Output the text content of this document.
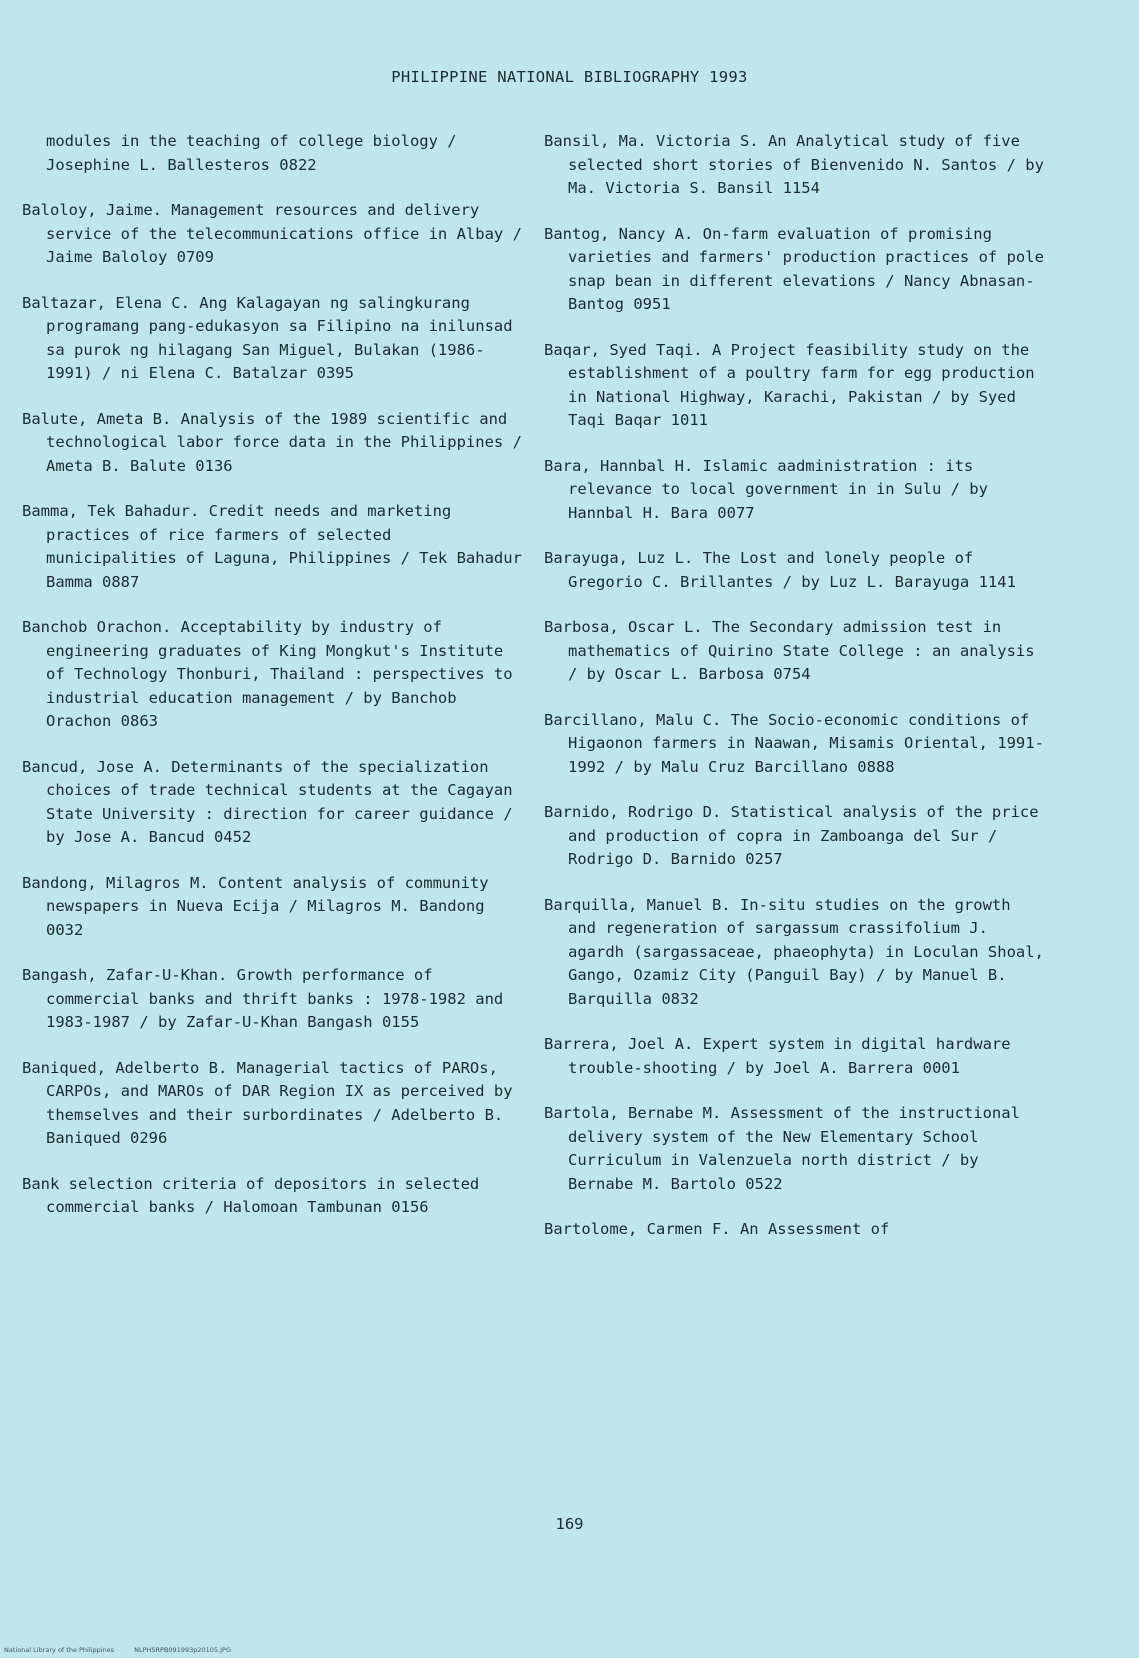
PHILIPPINE NATIONAL BIBLIOGRAPHY 1993

modules in the teaching of college biology / Josephine L. Ballesteros 0822

Baloloy, Jaime. Management resources and delivery service of the telecommunications office in Albay / Jaime Baloloy 0709

Baltazar, Elena C. Ang Kalagayan ng salingkurang programang pang-edukasyon sa Filipino na inilunsad sa purok ng hilagang San Miguel, Bulakan (1986-1991) / ni Elena C. Batalzar 0395

Balute, Ameta B. Analysis of the 1989 scientific and technological labor force data in the Philippines / Ameta B. Balute 0136

Bamma, Tek Bahadur. Credit needs and marketing practices of rice farmers of selected municipalities of Laguna, Philippines / Tek Bahadur Bamma 0887

Banchob Orachon. Acceptability by industry of engineering graduates of King Mongkut's Institute of Technology Thonburi, Thailand : perspectives to industrial education management / by Banchob Orachon 0863

Bancud, Jose A. Determinants of the specialization choices of trade technical students at the Cagayan State University : direction for career guidance / by Jose A. Bancud 0452

Bandong, Milagros M. Content analysis of community newspapers in Nueva Ecija / Milagros M. Bandong 0032

Bangash, Zafar-U-Khan. Growth performance of commercial banks and thrift banks : 1978-1982 and 1983-1987 / by Zafar-U-Khan Bangash 0155

Baniqued, Adelberto B. Managerial tactics of PAROs, CARPOs, and MAROs of DAR Region IX as perceived by themselves and their surbordinates / Adelberto B. Baniqued 0296

Bank selection criteria of depositors in selected commercial banks / Halomoan Tambunan 0156

Bansil, Ma. Victoria S. An Analytical study of five selected short stories of Bienvenido N. Santos / by Ma. Victoria S. Bansil 1154

Bantog, Nancy A. On-farm evaluation of promising varieties and farmers' production practices of pole snap bean in different elevations / Nancy Abnasan-Bantog 0951

Baqar, Syed Taqi. A Project feasibility study on the establishment of a poultry farm for egg production in National Highway, Karachi, Pakistan / by Syed Taqi Baqar 1011

Bara, Hannbal H. Islamic aadministration : its relevance to local government in in Sulu / by Hannbal H. Bara 0077

Barayuga, Luz L. The Lost and lonely people of Gregorio C. Brillantes / by Luz L. Barayuga 1141

Barbosa, Oscar L. The Secondary admission test in mathematics of Quirino State College : an analysis / by Oscar L. Barbosa 0754

Barcillano, Malu C. The Socio-economic conditions of Higaonon farmers in Naawan, Misamis Oriental, 1991-1992 / by Malu Cruz Barcillano 0888

Barnido, Rodrigo D. Statistical analysis of the price and production of copra in Zamboanga del Sur / Rodrigo D. Barnido 0257

Barquilla, Manuel B. In-situ studies on the growth and regeneration of sargassum crassifolium J. agardh (sargassaceae, phaeophyta) in Loculan Shoal, Gango, Ozamiz City (Panguil Bay) / by Manuel B. Barquilla 0832

Barrera, Joel A. Expert system in digital hardware trouble-shooting / by Joel A. Barrera 0001

Bartola, Bernabe M. Assessment of the instructional delivery system of the New Elementary School Curriculum in Valenzuela north district / by Bernabe M. Bartolo 0522

Bartolome, Carmen F. An Assessment of

169
National Library of the Philippines	NLPHSRPB091993p20105.JPG
